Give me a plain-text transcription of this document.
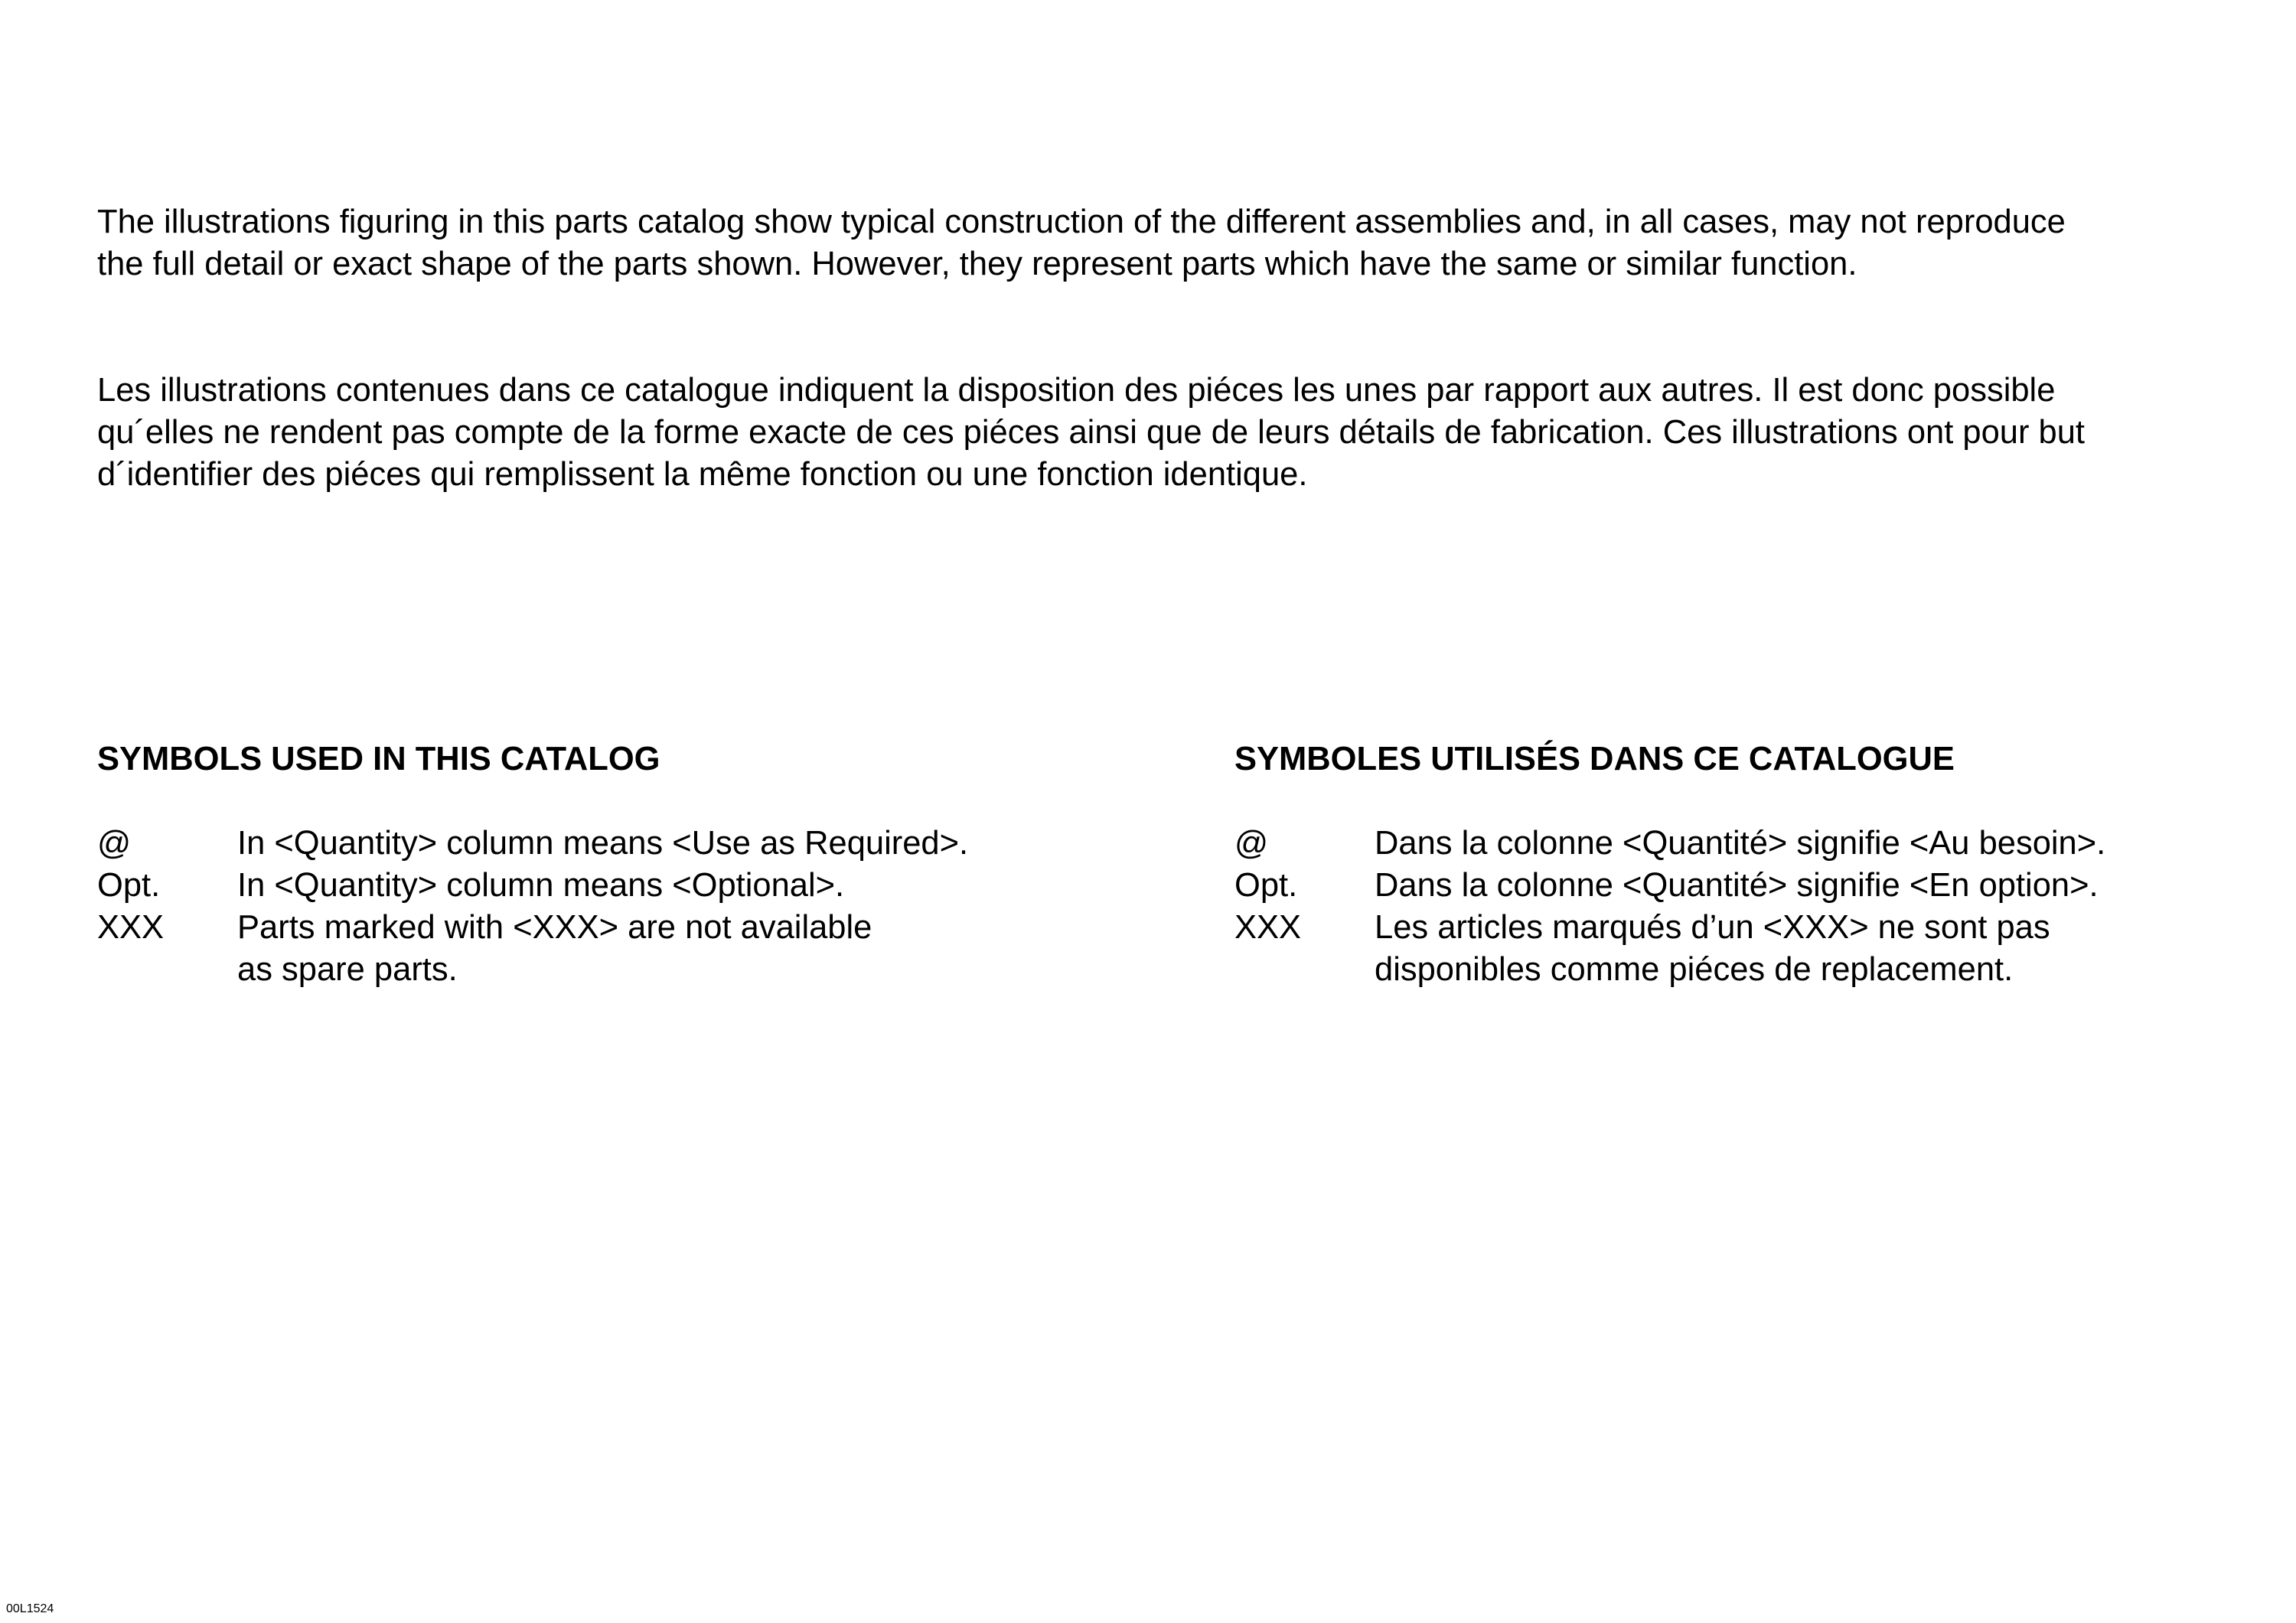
The illustrations figuring in this parts catalog show typical construction of the different assemblies and, in all cases, may not reproduce
the full detail or exact shape of the parts shown. However, they represent parts which have the same or similar function.
Les illustrations contenues dans ce catalogue indiquent la disposition des piéces les unes par rapport aux autres. Il est donc possible
qu´elles ne rendent pas compte de la forme exacte de ces piéces ainsi que de leurs détails de fabrication. Ces illustrations ont pour but
d´identifier des piéces qui remplissent la même fonction ou une fonction identique.
SYMBOLS USED IN THIS CATALOG
@	In <Quantity> column means <Use as Required>.
Opt.	In <Quantity> column means <Optional>.
XXX	Parts marked with <XXX> are not available
as spare parts.
SYMBOLES UTILISÉS DANS CE CATALOGUE
@	Dans la colonne <Quantité> signifie <Au besoin>.
Opt.	Dans la colonne <Quantité> signifie <En option>.
XXX	Les articles marqués d’un <XXX> ne sont pas
disponibles comme piéces de replacement.
00L1524
